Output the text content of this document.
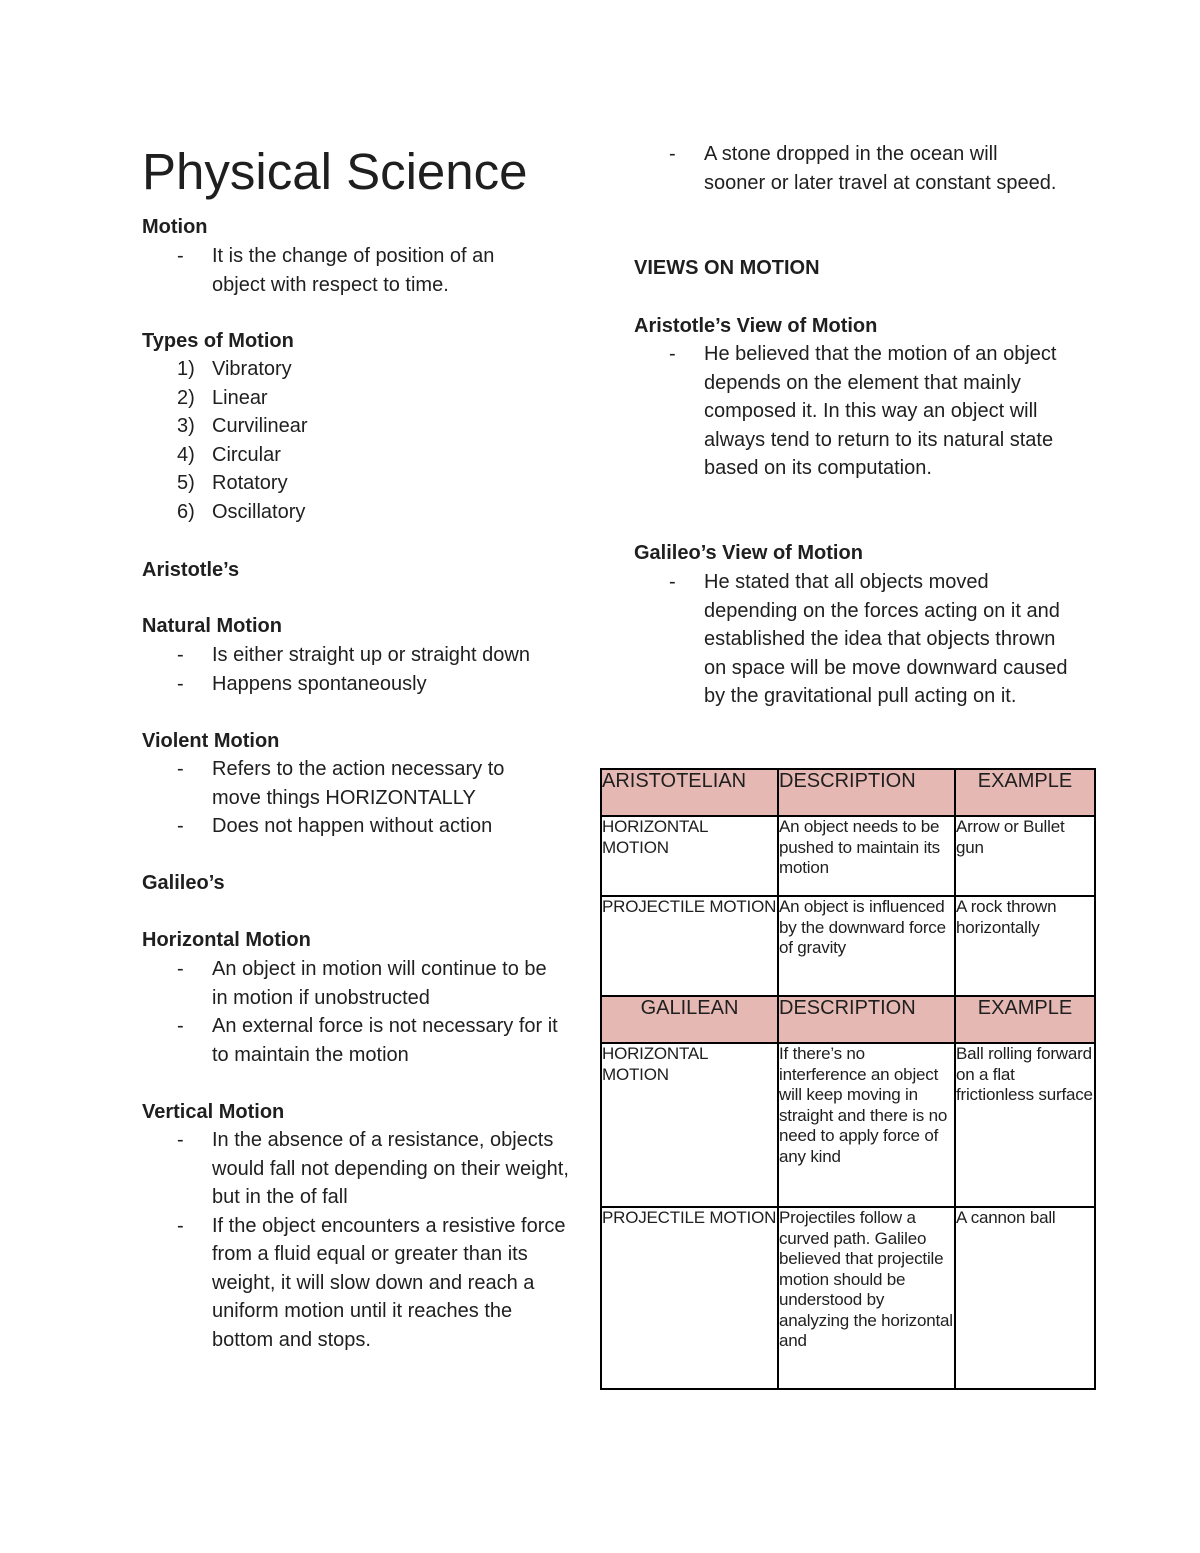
Physical Science
Motion
- It is the change of position of an object with respect to time.
Types of Motion
1) Vibratory
2) Linear
3) Curvilinear
4) Circular
5) Rotatory
6) Oscillatory
Aristotle’s
Natural Motion
- Is either straight up or straight down
- Happens spontaneously
Violent Motion
- Refers to the action necessary to move things HORIZONTALLY
- Does not happen without action
Galileo’s
Horizontal Motion
- An object in motion will continue to be in motion if unobstructed
- An external force is not necessary for it to maintain the motion
Vertical Motion
- In the absence of a resistance, objects would fall not depending on their weight, but in the of fall
- If the object encounters a resistive force from a fluid equal or greater than its weight, it will slow down and reach a uniform motion until it reaches the bottom and stops.
- A stone dropped in the ocean will sooner or later travel at constant speed.
VIEWS ON MOTION
Aristotle’s View of Motion
- He believed that the motion of an object depends on the element that mainly composed it. In this way an object will always tend to return to its natural state based on its computation.
Galileo’s View of Motion
- He stated that all objects moved depending on the forces acting on it and established the idea that objects thrown on space will be move downward caused by the gravitational pull acting on it.
ARISTOTELIAN	DESCRIPTION	EXAMPLE
HORIZONTAL MOTION	An object needs to be pushed to maintain its motion	Arrow or Bullet gun
PROJECTILE MOTION	An object is influenced by the downward force of gravity	A rock thrown horizontally
GALILEAN	DESCRIPTION	EXAMPLE
HORIZONTAL MOTION	If there’s no interference an object will keep moving in straight and there is no need to apply force of any kind	Ball rolling forward on a flat frictionless surface
PROJECTILE MOTION	Projectiles follow a curved path. Galileo believed that projectile motion should be understood by analyzing the horizontal and	A cannon ball
